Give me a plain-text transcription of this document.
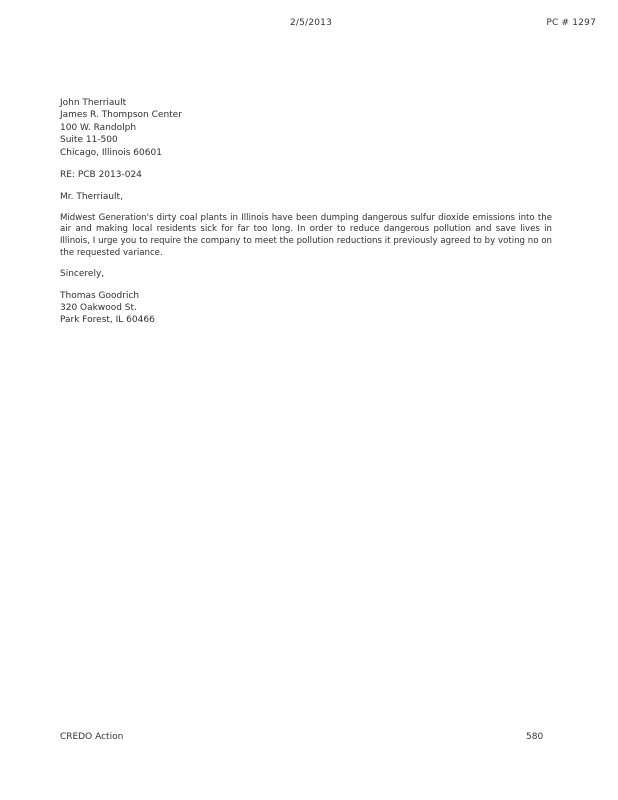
2/5/2013	PC # 1297
John Therriault
James R. Thompson Center
100 W. Randolph
Suite 11-500
Chicago, Illinois 60601
RE: PCB 2013-024
Mr. Therriault,

Midwest Generation's dirty coal plants in Illinois have been dumping dangerous sulfur dioxide emissions into the air and making local residents sick for far too long. In order to reduce dangerous pollution and save lives in Illinois, I urge you to require the company to meet the pollution reductions it previously agreed to by voting no on the requested variance.

Sincerely,
Thomas Goodrich
320 Oakwood St.
Park Forest, IL 60466
CREDO Action	580
